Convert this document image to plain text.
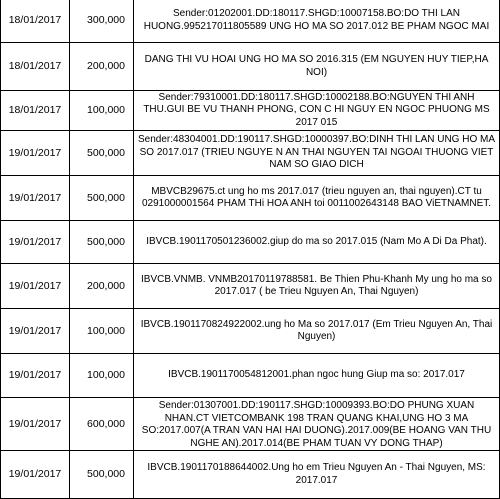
18/01/2017	300,000	Sender:01202001.DD:180117.SHGD:10007158.BO:DO THI LAN HUONG.995217011805589 UNG HO MA SO 2017.012 BE PHAM NGOC MAI
18/01/2017	200,000	DANG THI VU HOAI UNG HO MA SO 2016.315 (EM NGUYEN HUY TIEP,HA NOI)
18/01/2017	100,000	Sender:79310001.DD:180117.SHGD:10002188.BO:NGUYEN THI ANH THU.GUI BE VU THANH PHONG, CON C HI NGUY EN NGOC PHUONG MS 2017 015
19/01/2017	500,000	Sender:48304001.DD:190117.SHGD:10000397.BO:DINH THI LAN UNG HO MA SO 2017.017 (TRIEU NGUYE N AN THAI NGUYEN TAI NGOAI THUONG VIET NAM SO GIAO DICH
19/01/2017	500,000	MBVCB29675.ct ung ho ms 2017.017 (trieu nguyen an, thai nguyen).CT tu 0291000001564 PHAM THi HOA ANH toi 0011002643148 BAO ViETNAMNET.
19/01/2017	500,000	IBVCB.1901170501236002.giup do ma so 2017.015 (Nam Mo A Di Da Phat).
19/01/2017	200,000	IBVCB.VNMB. VNMB20170119788581. Be Thien Phu-Khanh My ung ho ma so 2017.017 ( be Trieu Nguyen An, Thai Nguyen)
19/01/2017	100,000	IBVCB.1901170824922002.ung ho Ma so 2017.017 (Em Trieu Nguyen An, Thai Nguyen)
19/01/2017	100,000	IBVCB.1901170054812001.phan ngoc hung Giup ma so: 2017.017
19/01/2017	600,000	Sender:01307001.DD:190117.SHGD:10009393.BO:DO PHUNG XUAN NHAN.CT VIETCOMBANK 198 TRAN QUANG KHAI,UNG HO 3 MA SO:2017.007(A TRAN VAN HAI HAI DUONG).2017.009(BE HOANG VAN THU NGHE AN).2017.014(BE PHAM TUAN VY DONG THAP)
19/01/2017	500,000	IBVCB.1901170188644002.Ung ho em Trieu Nguyen An - Thai Nguyen, MS: 2017.017
